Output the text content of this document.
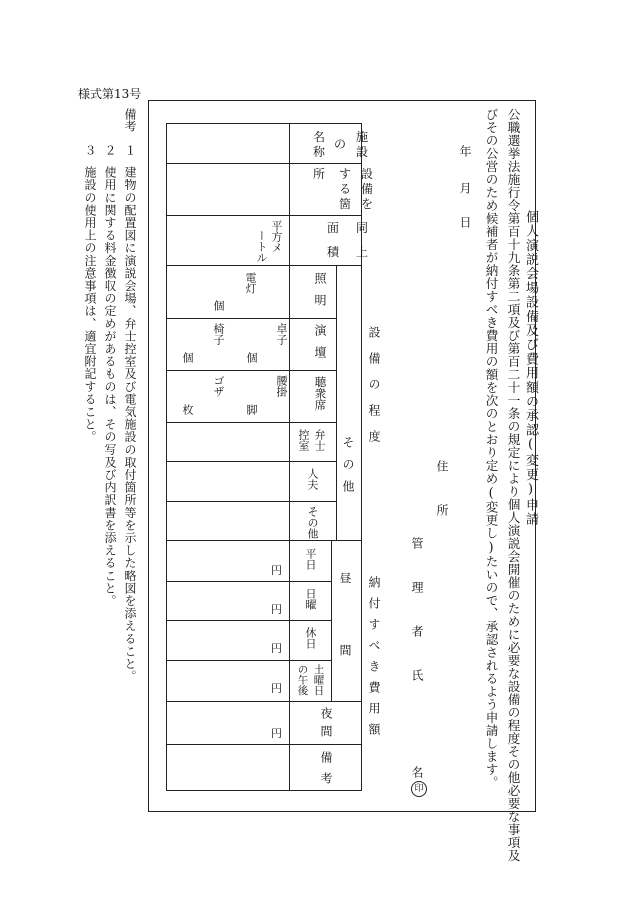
様式第13号
個人演説会場設備及び費用額の承認(変更)申請
公職選挙法施行令第百十九条第二項及び第百二十一条の規定により個人演説会開催のために必要な設備の程度その他必要な事項及
びその公営のため候補者が納付すべき費用の額を次のとおり定め(変更し)たいので、承認されるよう申請します。
年
月
日
住　所
管 理 者 氏
名
印
施
設
の
名
称
設
備
を
す
る
箇
所
同
上
面
積
平方メ
ートル
設備の程度
その他
納付すべき費用額
昼間
照明
電灯
個
演壇
卓子
椅子
個
個
聴衆席
腰掛
ゴザ
脚
枚
弁士
控室
人夫
その他
平日
日曜
休日
土曜日
の午後
夜間
備考
円
円
円
円
円
備考
１
建物の配置図に演説会場、弁士控室及び電気施設の取付箇所等を示した略図を添えること。
２
使用に関する料金徴収の定めがあるものは、その写及び内訳書を添えること。
３
施設の使用上の注意事項は、適宜附記すること。
